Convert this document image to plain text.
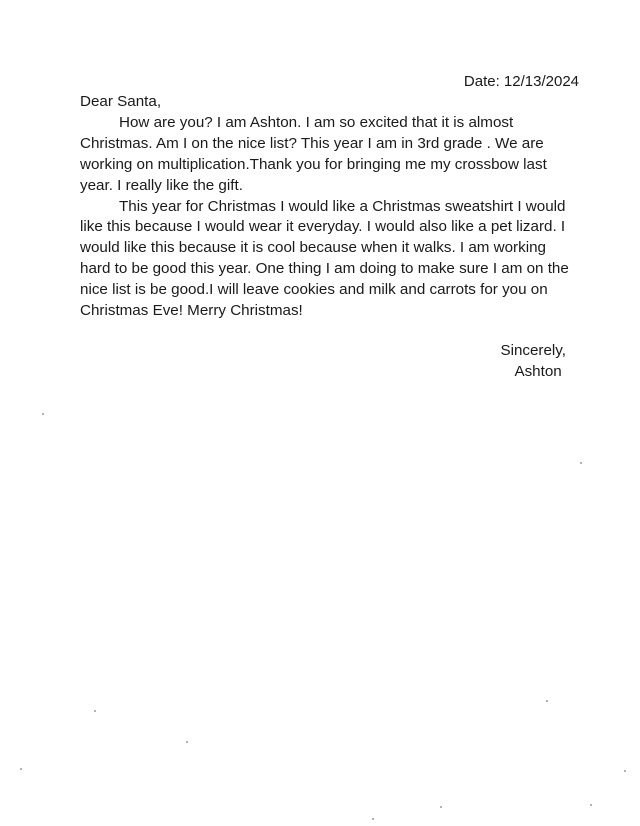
Date: 12/13/2024

Dear Santa,

How are you? I am Ashton. I am so excited that it is almost Christmas. Am I on the nice list? This year I am in 3rd grade . We are working on multiplication.Thank you for bringing me my crossbow last year. I really like the gift.

This year for Christmas I would like a Christmas sweatshirt I would like this because I would wear it everyday. I would also like a pet lizard. I would like this because it is cool because when it walks. I am working hard to be good this year. One thing I am doing to make sure I am on the nice list is be good.I will leave cookies and milk and carrots for you on Christmas Eve! Merry Christmas!

Sincerely,
Ashton
